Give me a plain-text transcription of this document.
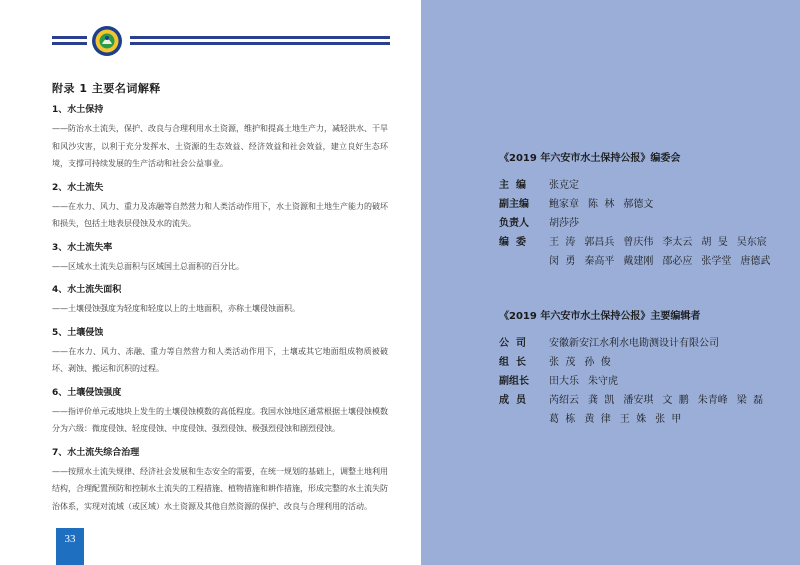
附录 1 主要名词解释
1、水土保持
——防治水土流失，保护、改良与合理利用水土资源，维护和提高土地生产力，减轻洪水、干旱和风沙灾害，以利于充分发挥水、土资源的生态效益、经济效益和社会效益，建立良好生态环境，支撑可持续发展的生产活动和社会公益事业。
2、水土流失
——在水力、风力、重力及冻融等自然营力和人类活动作用下，水土资源和土地生产能力的破坏和损失，包括土地表层侵蚀及水的流失。
3、水土流失率
——区域水土流失总面积与区域国土总面积的百分比。
4、水土流失面积
——土壤侵蚀强度为轻度和轻度以上的土地面积，亦称土壤侵蚀面积。
5、土壤侵蚀
——在水力、风力、冻融、重力等自然营力和人类活动作用下，土壤或其它地面组成物质被破坏、剥蚀、搬运和沉积的过程。
6、土壤侵蚀强度
——指评价单元或地块上发生的土壤侵蚀模数的高低程度。我国水蚀地区通常根据土壤侵蚀模数分为六级：微度侵蚀、轻度侵蚀、中度侵蚀、强烈侵蚀、极强烈侵蚀和剧烈侵蚀。
7、水土流失综合治理
——按照水土流失规律、经济社会发展和生态安全的需要，在统一规划的基础上，调整土地利用结构，合理配置预防和控制水土流失的工程措施、植物措施和耕作措施，形成完整的水土流失防治体系，实现对流域（或区域）水土资源及其他自然资源的保护、改良与合理利用的活动。
33
《2019 年六安市水土保持公报》编委会
主  编	张克定
副主编	鲍家章 陈  林 郝德文
负责人	胡莎莎
编  委	王  涛 郭昌兵 曾庆伟 李太云 胡  旻 吴东宸
闵  勇 秦高平 戴建刚 邵必应 张学堂 唐德武
《2019 年六安市水土保持公报》主要编辑者
公  司	安徽新安江水利水电勘测设计有限公司
组  长	张  茂 孙  俊
副组长	田大乐 朱守虎
成  员	芮绍云 龚  凯 潘安琪 文  鹏 朱青峰 梁  磊
葛  栋 黄  律 王  姝 张  甲
